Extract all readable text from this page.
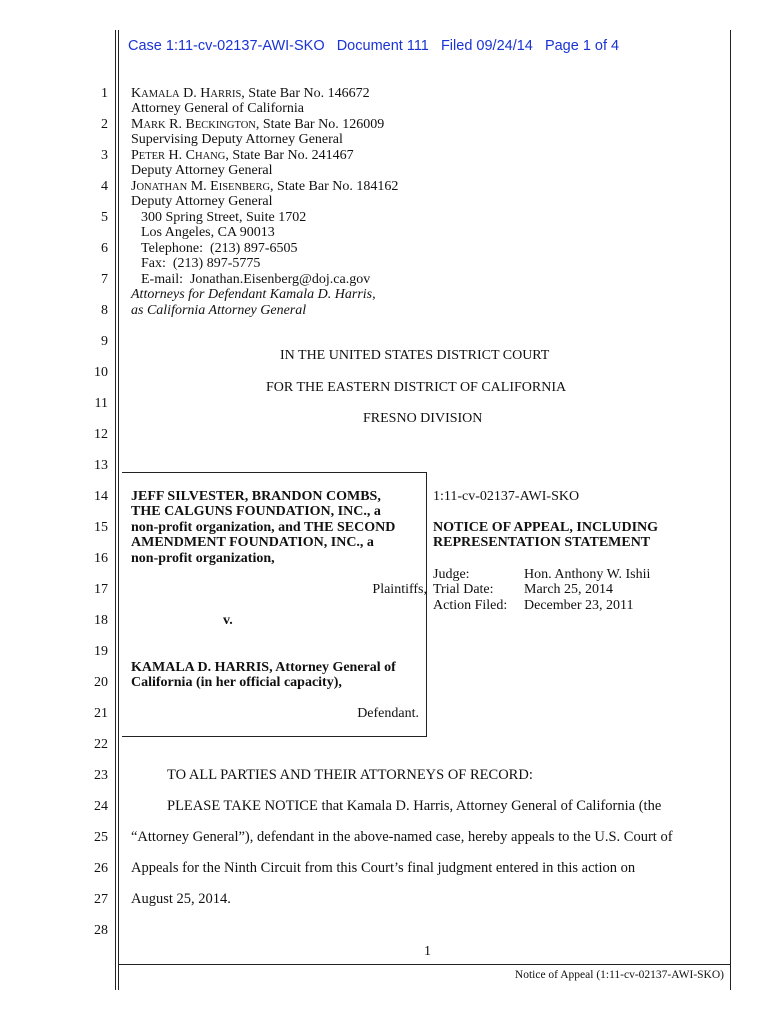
Case 1:11-cv-02137-AWI-SKO   Document 111   Filed 09/24/14   Page 1 of 4
1
2
3
4
5
6
7
8
9
10
11
12
13
14
15
16
17
18
19
20
21
22
23
24
25
26
27
28
KAMALA D. HARRIS, State Bar No. 146672
Attorney General of California
MARK R. BECKINGTON, State Bar No. 126009
Supervising Deputy Attorney General
PETER H. CHANG, State Bar No. 241467
Deputy Attorney General
JONATHAN M. EISENBERG, State Bar No. 184162
Deputy Attorney General
300 Spring Street, Suite 1702
Los Angeles, CA 90013
Telephone:  (213) 897-6505
Fax:  (213) 897-5775
E-mail:  Jonathan.Eisenberg@doj.ca.gov
Attorneys for Defendant Kamala D. Harris,
as California Attorney General
IN THE UNITED STATES DISTRICT COURT
FOR THE EASTERN DISTRICT OF CALIFORNIA
FRESNO DIVISION
JEFF SILVESTER, BRANDON COMBS,
THE CALGUNS FOUNDATION, INC., a
non-profit organization, and THE SECOND
AMENDMENT FOUNDATION, INC., a
non-profit organization,
Plaintiffs,
v.
KAMALA D. HARRIS, Attorney General of
California (in her official capacity),
Defendant.
1:11-cv-02137-AWI-SKO
NOTICE OF APPEAL, INCLUDING
REPRESENTATION STATEMENT
Judge:	Hon. Anthony W. Ishii
Trial Date: March 25, 2014
Action Filed: December 23, 2011
TO ALL PARTIES AND THEIR ATTORNEYS OF RECORD:
PLEASE TAKE NOTICE that Kamala D. Harris, Attorney General of California (the
“Attorney General”), defendant in the above-named case, hereby appeals to the U.S. Court of
Appeals for the Ninth Circuit from this Court’s final judgment entered in this action on
August 25, 2014.
1
Notice of Appeal (1:11-cv-02137-AWI-SKO)
